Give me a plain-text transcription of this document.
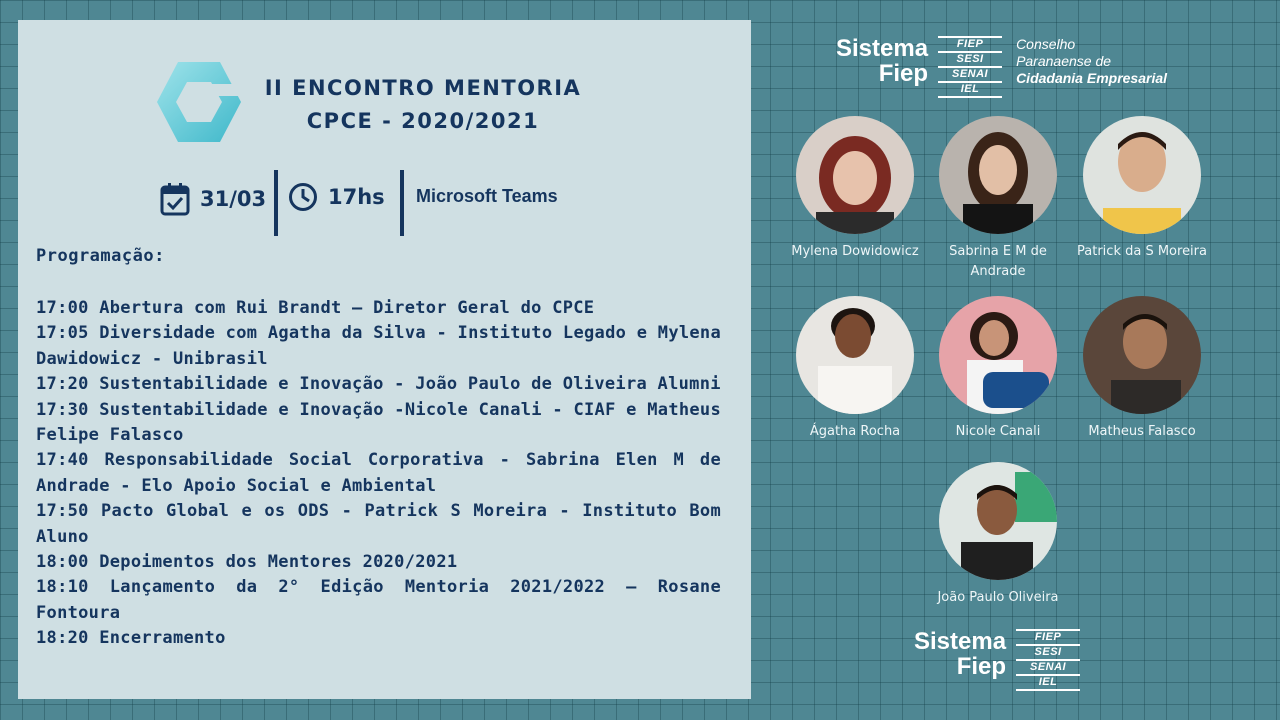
II ENCONTRO MENTORIA
CPCE - 2020/2021
31/03	17hs Microsoft Teams
Programação:
17:00 Abertura com Rui Brandt – Diretor Geral do CPCE
17:05 Diversidade com Agatha da Silva - Instituto Legado e Mylena Dawidowicz - Unibrasil
17:20 Sustentabilidade e Inovação - João Paulo de Oliveira Alumni
17:30 Sustentabilidade e Inovação -Nicole Canali - CIAF e Matheus Felipe Falasco
17:40 Responsabilidade Social Corporativa - Sabrina Elen M de Andrade - Elo Apoio Social e Ambiental
17:50 Pacto Global e os ODS - Patrick S Moreira - Instituto Bom Aluno
18:00 Depoimentos dos Mentores 2020/2021
18:10 Lançamento da 2° Edição Mentoria 2021/2022 – Rosane Fontoura
18:20 Encerramento
Sistema
Fiep
FIEP
SESI
SENAI
IEL
Conselho
Paranaense de
Cidadania Empresarial
Mylena Dowidowicz	Sabrina E M de Andrade
Patrick da S Moreira
Ágatha Rocha	Nicole Canali	Matheus Falasco
João Paulo Oliveira
Sistema
Fiep
FIEP
SESI
SENAI
IEL
